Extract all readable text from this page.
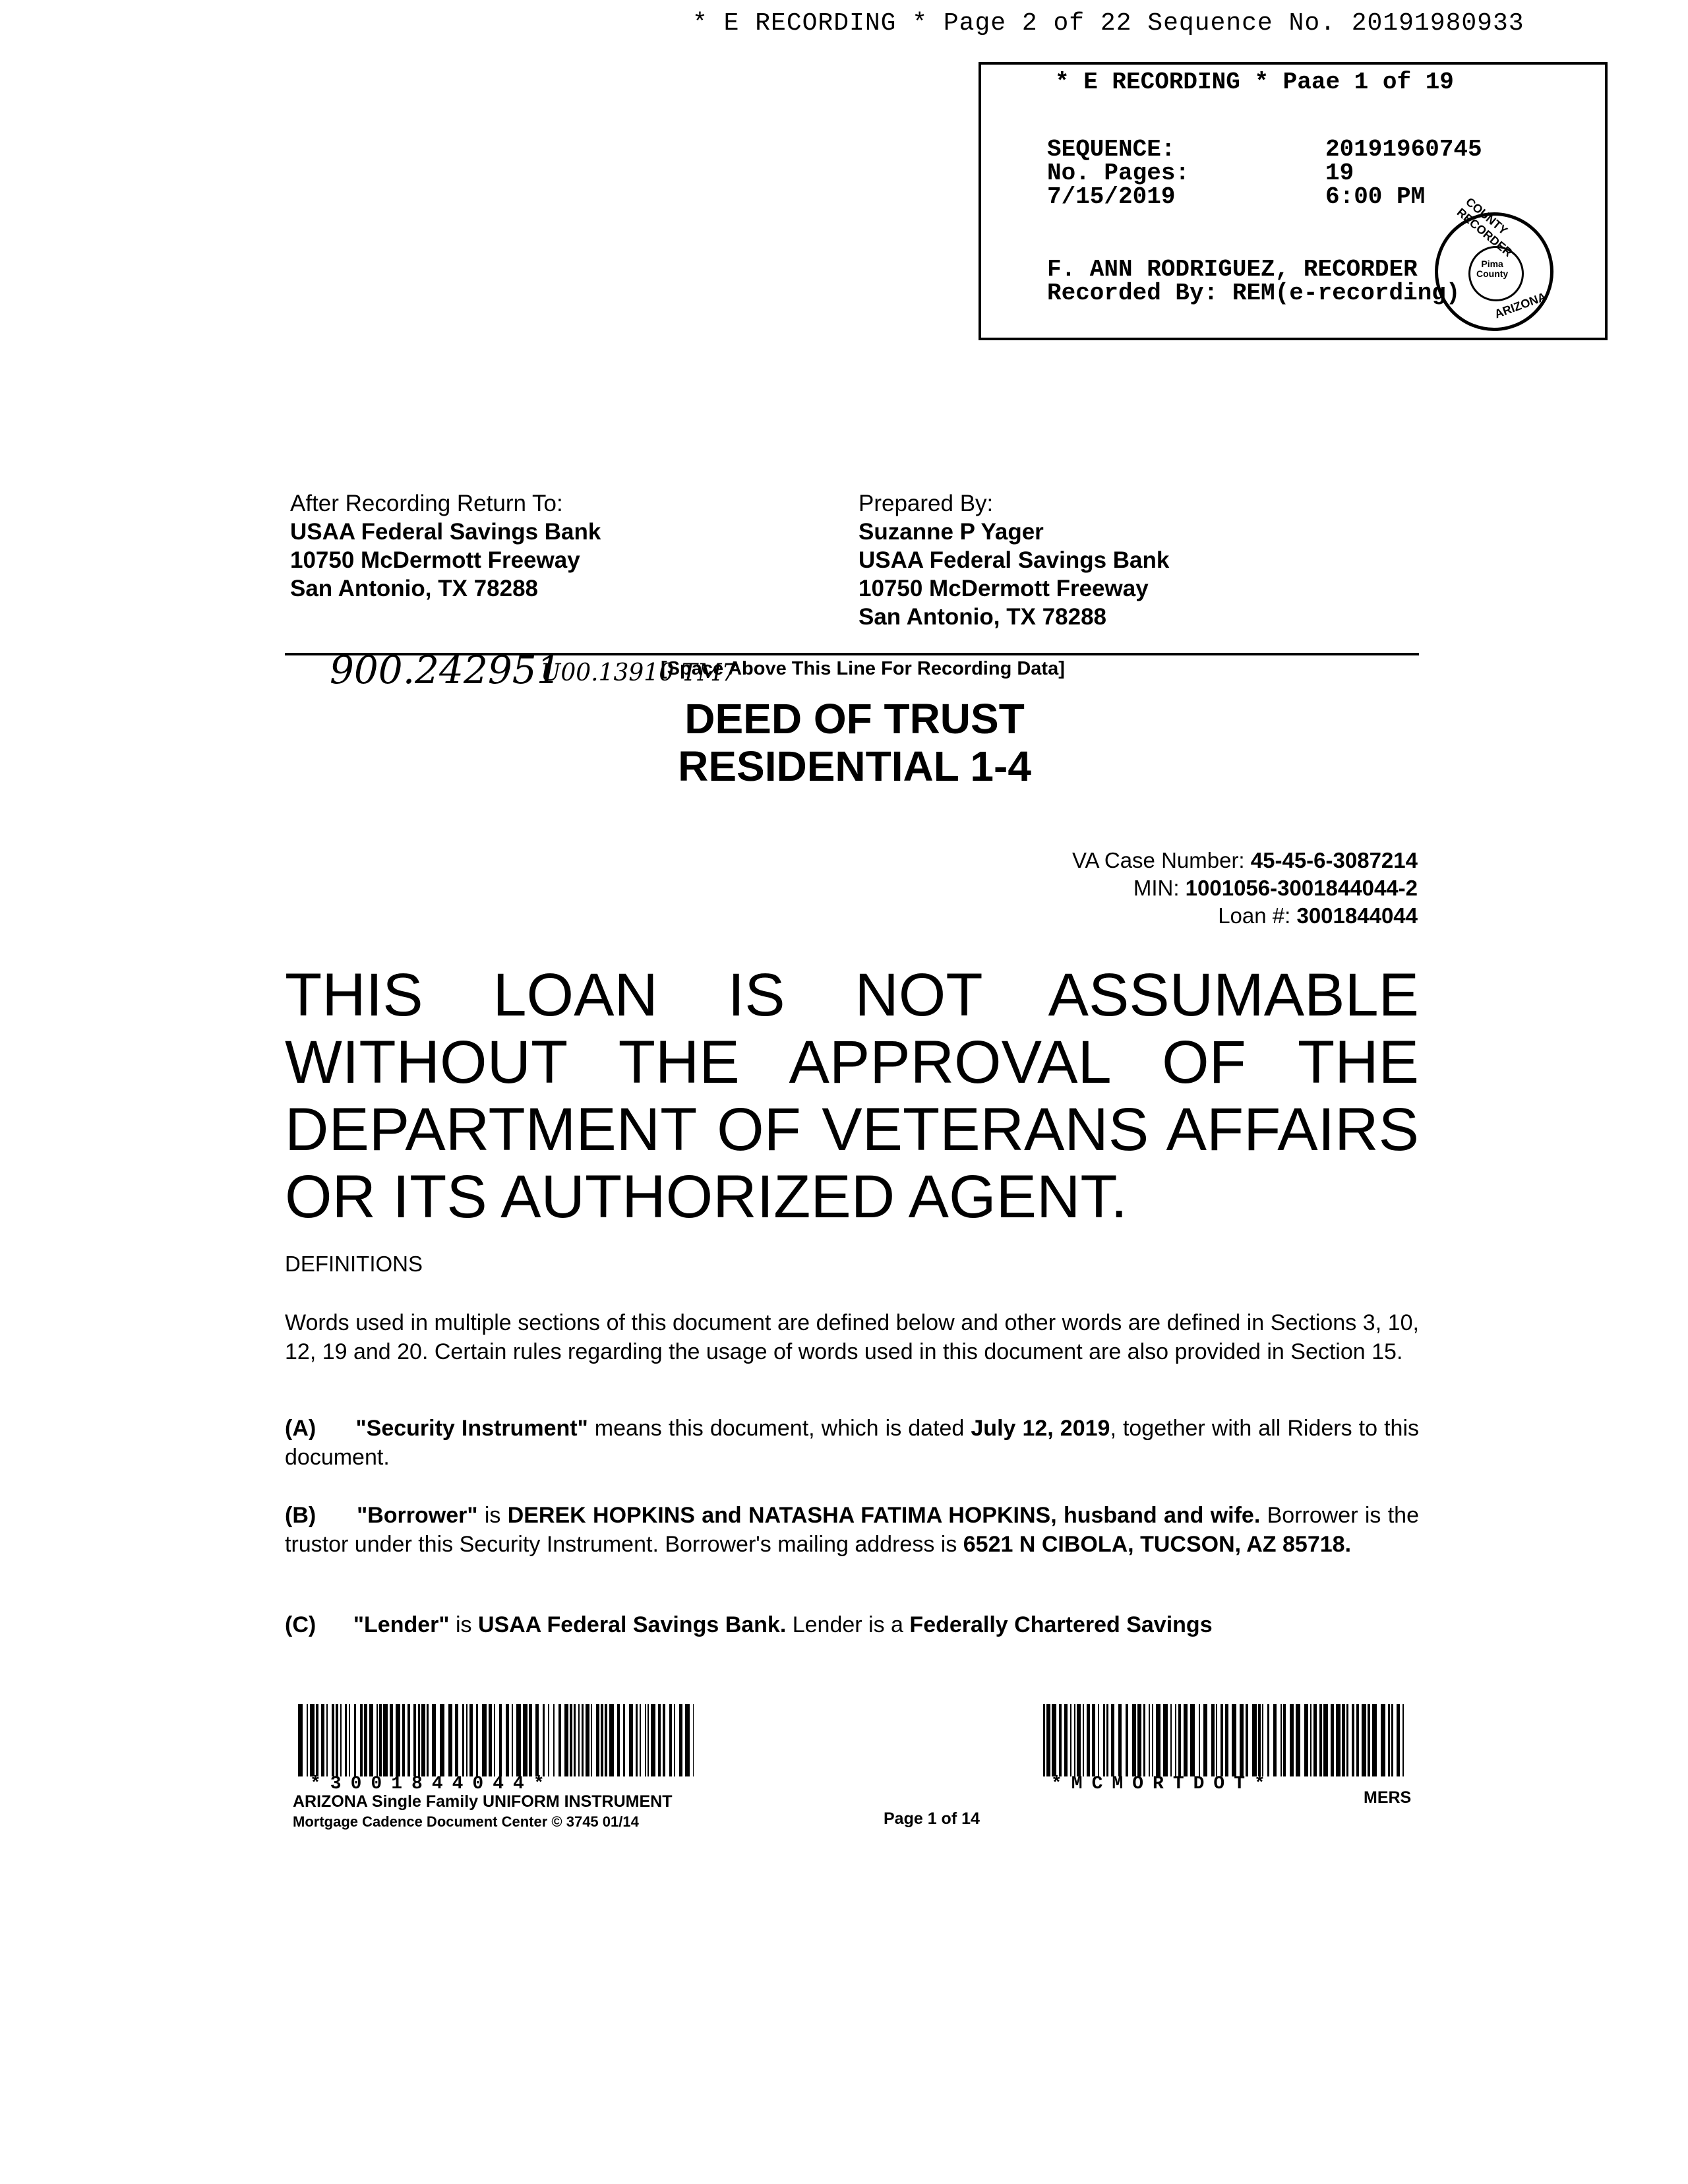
* E RECORDING * Page 2 of 22 Sequence No. 20191980933
* E RECORDING * Paae 1 of 19
SEQUENCE:	20191960745
No. Pages:	19
7/15/2019	6:00 PM
F. ANN RODRIGUEZ, RECORDER
Recorded By: REM(e-recording)
COUNTY RECORDER
Pima
County
ARIZONA
After Recording Return To:
USAA Federal Savings Bank
10750 McDermott Freeway
San Antonio, TX 78288
Prepared By:
Suzanne P Yager
USAA Federal Savings Bank
10750 McDermott Freeway
San Antonio, TX 78288
900.242951
U00.13910 TM7
[Space Above This Line For Recording Data]
DEED OF TRUST
RESIDENTIAL 1-4
VA Case Number: 45-45-6-3087214
MIN: 1001056-3001844044-2
Loan #: 3001844044
THIS LOAN IS NOT ASSUMABLE
WITHOUT THE APPROVAL OF THE
DEPARTMENT OF VETERANS AFFAIRS
OR ITS AUTHORIZED AGENT.
DEFINITIONS
Words used in multiple sections of this document are defined below and other words are defined in Sections 3, 10, 12, 19 and 20. Certain rules regarding the usage of words used in this document are also provided in Section 15.
(A) "Security Instrument" means this document, which is dated July 12, 2019, together with all Riders to this document.
(B) "Borrower" is DEREK HOPKINS and NATASHA FATIMA HOPKINS, husband and wife. Borrower is the trustor under this Security Instrument. Borrower's mailing address is 6521 N CIBOLA, TUCSON, AZ 85718.
(C) "Lender" is USAA Federal Savings Bank. Lender is a Federally Chartered Savings
*3001844044*	*MCMORTDOT*
ARIZONA Single Family UNIFORM INSTRUMENT
Mortgage Cadence Document Center © 3745 01/14	Page 1 of 14
MERS
